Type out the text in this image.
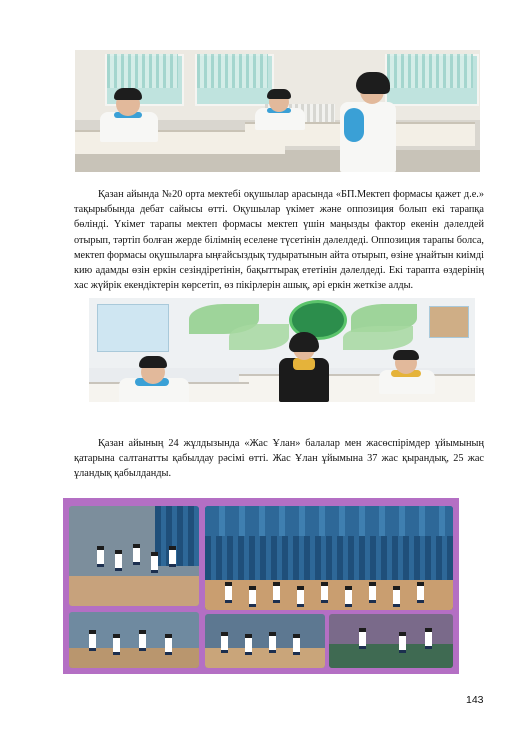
Қазан айында №20 орта мектебі оқушылар арасында «БП.Мектеп формасы қажет д.е.» тақырыбында дебат сайысы өтті. Оқушылар үкімет және оппозиция болып екі тарапқа бөлінді. Үкімет тарапы мектеп формасы мектеп үшін маңызды фактор екенін дәлелдей отырып, тәртіп болған жерде білімнің еселене түсетінін дәлелдеді. Оппозиция тарапы болса, мектеп формасы оқушыларға ыңғайсыздық тудыратынын айта отырып, өзіне ұнайтын киімді кию адамды өзін еркін сезіндіретінін, бақыттырақ ететінін дәлелдеді. Екі тарапта өздерінің хас жүйрік екендіктерін көрсетіп, өз пікірлерін ашық, әрі еркін жеткізе алды.

Қазан айының 24 жұлдызында «Жас Ұлан» балалар мен жасөспірімдер ұйымының қатарына салтанатты қабылдау рәсімі өтті. Жас Ұлан ұйымына 37 жас қырандық, 25 жас ұландық қабылданды.

143
